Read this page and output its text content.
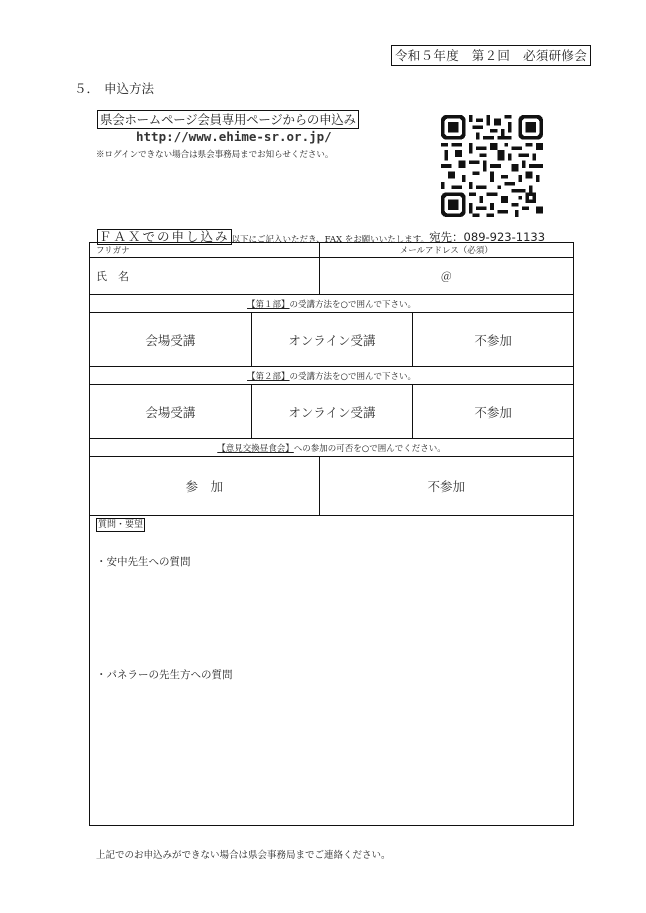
令和５年度　第２回　必須研修会
５． 申込方法
県会ホームページ会員専用ページからの申込み
http://www.ehime-sr.or.jp/
※ログインできない場合は県会事務局までお知らせください。
ＦＡＸでの申し込み 以下にご記入いただき、FAX をお願いいたします。宛先：089-923-1133
フリガナ		メールアドレス（必須）	
氏　名		＠	
【第１部】の受講方法を○で囲んで下さい。			
会場受講	オンライン受講		不参加
【第２部】の受講方法を○で囲んで下さい。			
会場受講	オンライン受講		不参加
【意見交換昼食会】への参加の可否を○で囲んでください。			
参　加		不参加	

質問・要望
・安中先生への質問
・パネラーの先生方への質問			
上記でのお申込みができない場合は県会事務局までご連絡ください。
